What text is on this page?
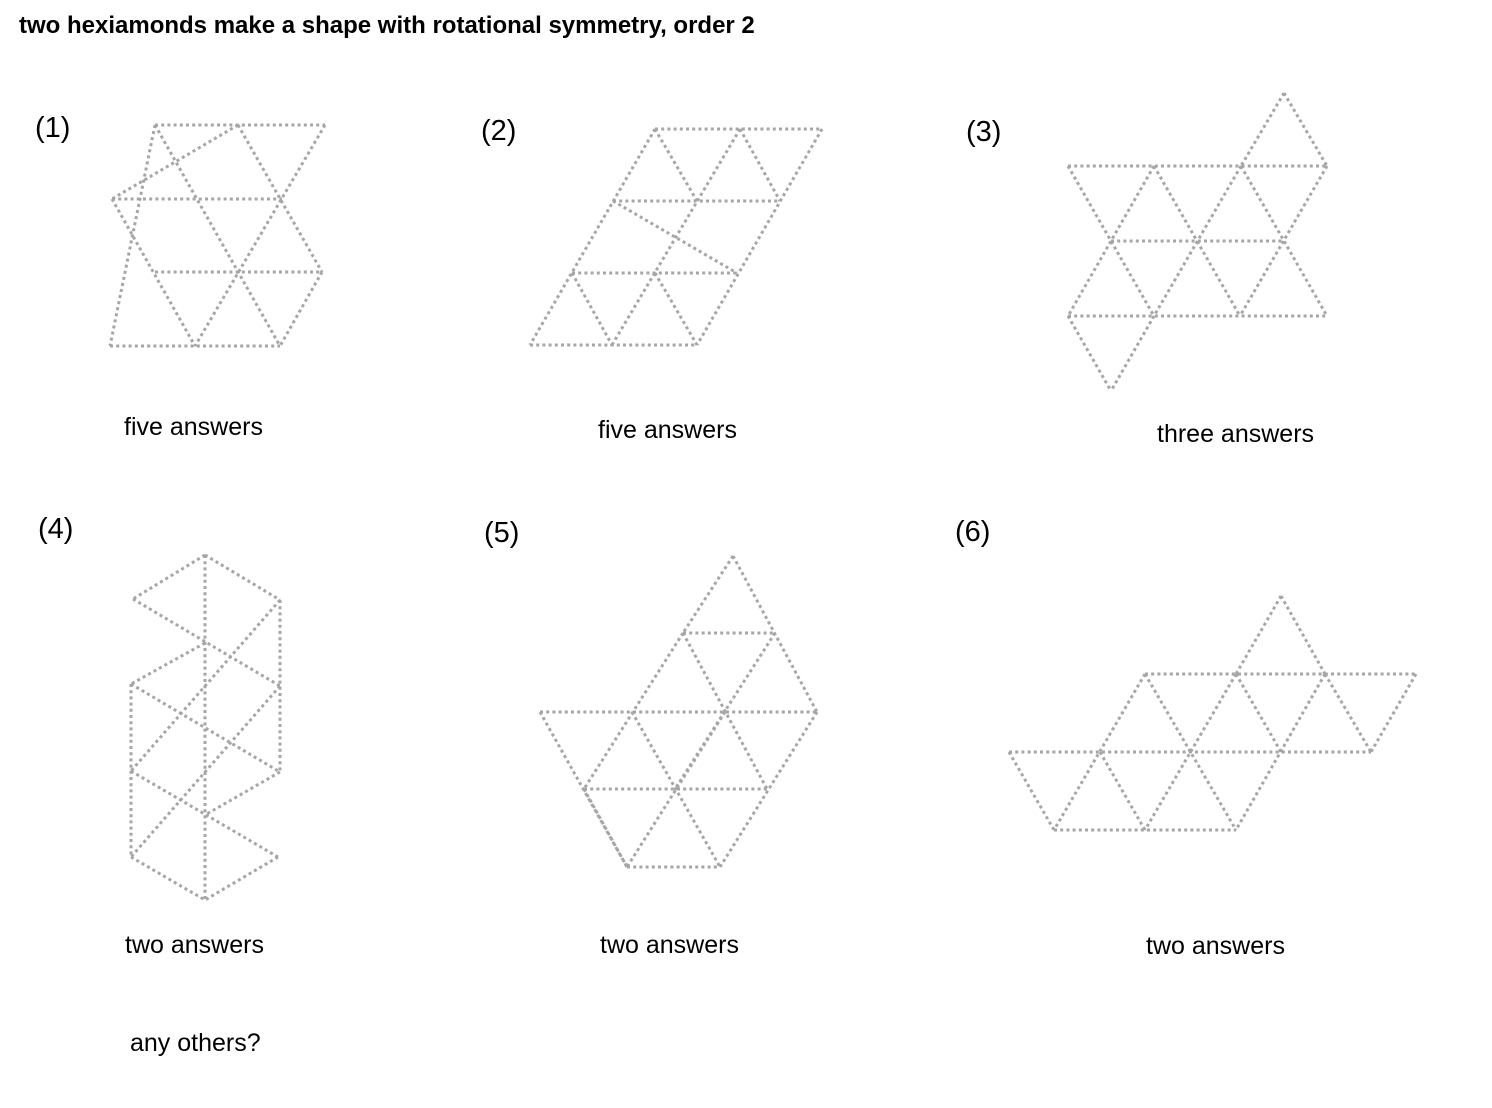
two hexiamonds make a shape with rotational symmetry, order 2
(1)	(2)	(3)
(4)	(5)	(6)
five answers	five answers	three answers
two answers	two answers	two answers
any others?
